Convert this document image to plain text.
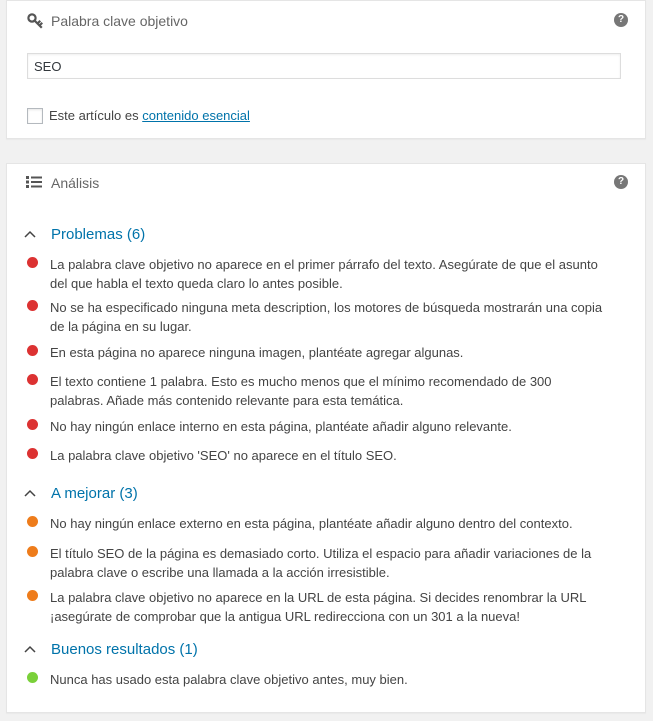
Palabra clave objetivo	?
SEO
Este artículo es contenido esencial
Análisis	?
Problemas (6)
La palabra clave objetivo no aparece en el primer párrafo del texto. Asegúrate de que el asunto del que habla el texto queda claro lo antes posible.
No se ha especificado ninguna meta description, los motores de búsqueda mostrarán una copia de la página en su lugar.
En esta página no aparece ninguna imagen, plantéate agregar algunas.
El texto contiene 1 palabra. Esto es mucho menos que el mínimo recomendado de 300 palabras. Añade más contenido relevante para esta temática.
No hay ningún enlace interno en esta página, plantéate añadir alguno relevante.
La palabra clave objetivo 'SEO' no aparece en el título SEO.
A mejorar (3)
No hay ningún enlace externo en esta página, plantéate añadir alguno dentro del contexto.
El título SEO de la página es demasiado corto. Utiliza el espacio para añadir variaciones de la palabra clave o escribe una llamada a la acción irresistible.
La palabra clave objetivo no aparece en la URL de esta página. Si decides renombrar la URL ¡asegúrate de comprobar que la antigua URL redirecciona con un 301 a la nueva!
Buenos resultados (1)
Nunca has usado esta palabra clave objetivo antes, muy bien.
